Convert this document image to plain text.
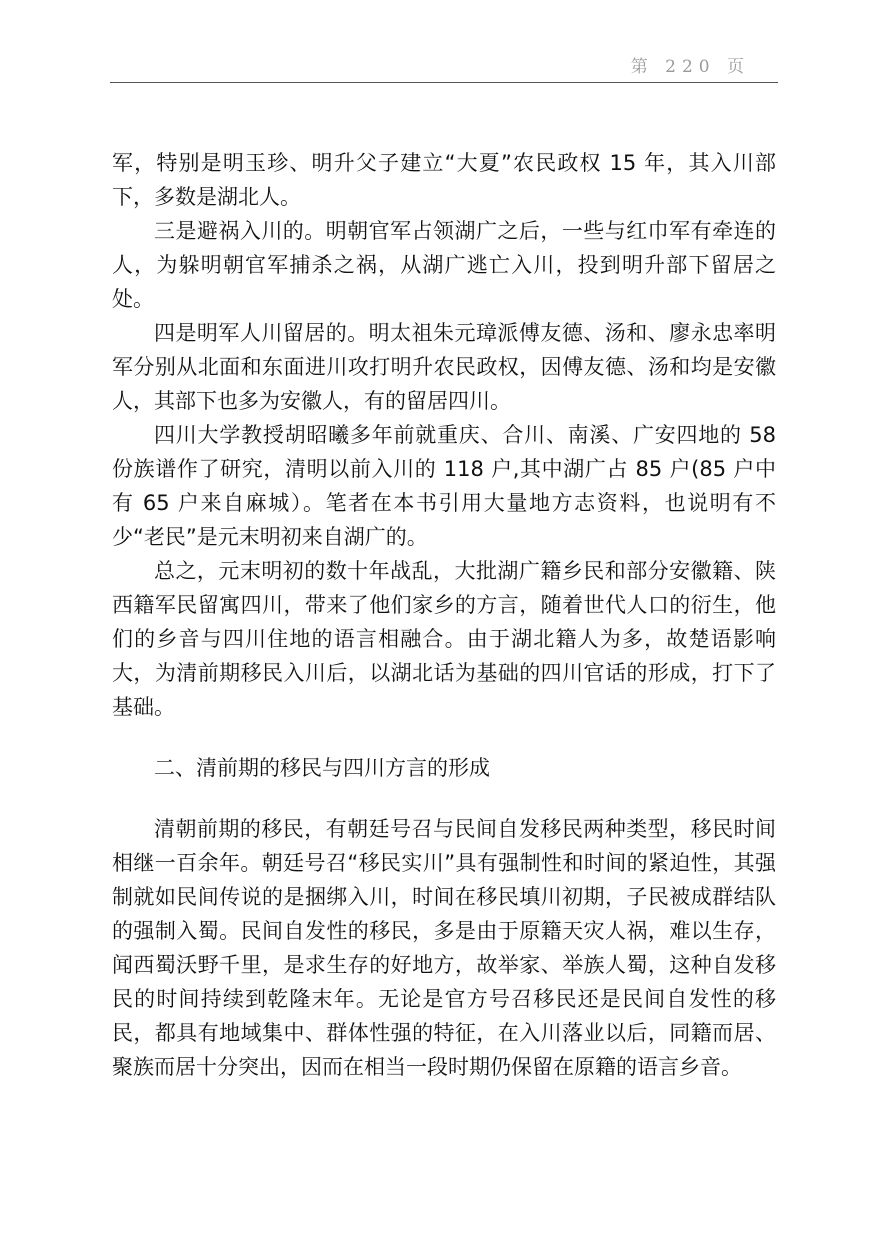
第 220 页

军，特别是明玉珍、明升父子建立“大夏”农民政权 15 年，其入川部下，多数是湖北人。

三是避祸入川的。明朝官军占领湖广之后，一些与红巾军有牵连的人，为躲明朝官军捕杀之祸，从湖广逃亡入川，投到明升部下留居之处。

四是明军人川留居的。明太祖朱元璋派傅友德、汤和、廖永忠率明军分别从北面和东面进川攻打明升农民政权，因傅友德、汤和均是安徽人，其部下也多为安徽人，有的留居四川。

四川大学教授胡昭曦多年前就重庆、合川、南溪、广安四地的 58 份族谱作了研究，清明以前入川的 118 户,其中湖广占 85 户(85 户中有 65 户来自麻城）。笔者在本书引用大量地方志资料，也说明有不少“老民”是元末明初来自湖广的。

总之，元末明初的数十年战乱，大批湖广籍乡民和部分安徽籍、陕西籍军民留寓四川，带来了他们家乡的方言，随着世代人口的衍生，他们的乡音与四川住地的语言相融合。由于湖北籍人为多，故楚语影响大，为清前期移民入川后，以湖北话为基础的四川官话的形成，打下了基础。

二、清前期的移民与四川方言的形成

清朝前期的移民，有朝廷号召与民间自发移民两种类型，移民时间相继一百余年。朝廷号召“移民实川”具有强制性和时间的紧迫性，其强制就如民间传说的是捆绑入川，时间在移民填川初期，子民被成群结队的强制入蜀。民间自发性的移民，多是由于原籍天灾人祸，难以生存，闻西蜀沃野千里，是求生存的好地方，故举家、举族人蜀，这种自发移民的时间持续到乾隆末年。无论是官方号召移民还是民间自发性的移民，都具有地域集中、群体性强的特征，在入川落业以后，同籍而居、聚族而居十分突出，因而在相当一段时期仍保留在原籍的语言乡音。
